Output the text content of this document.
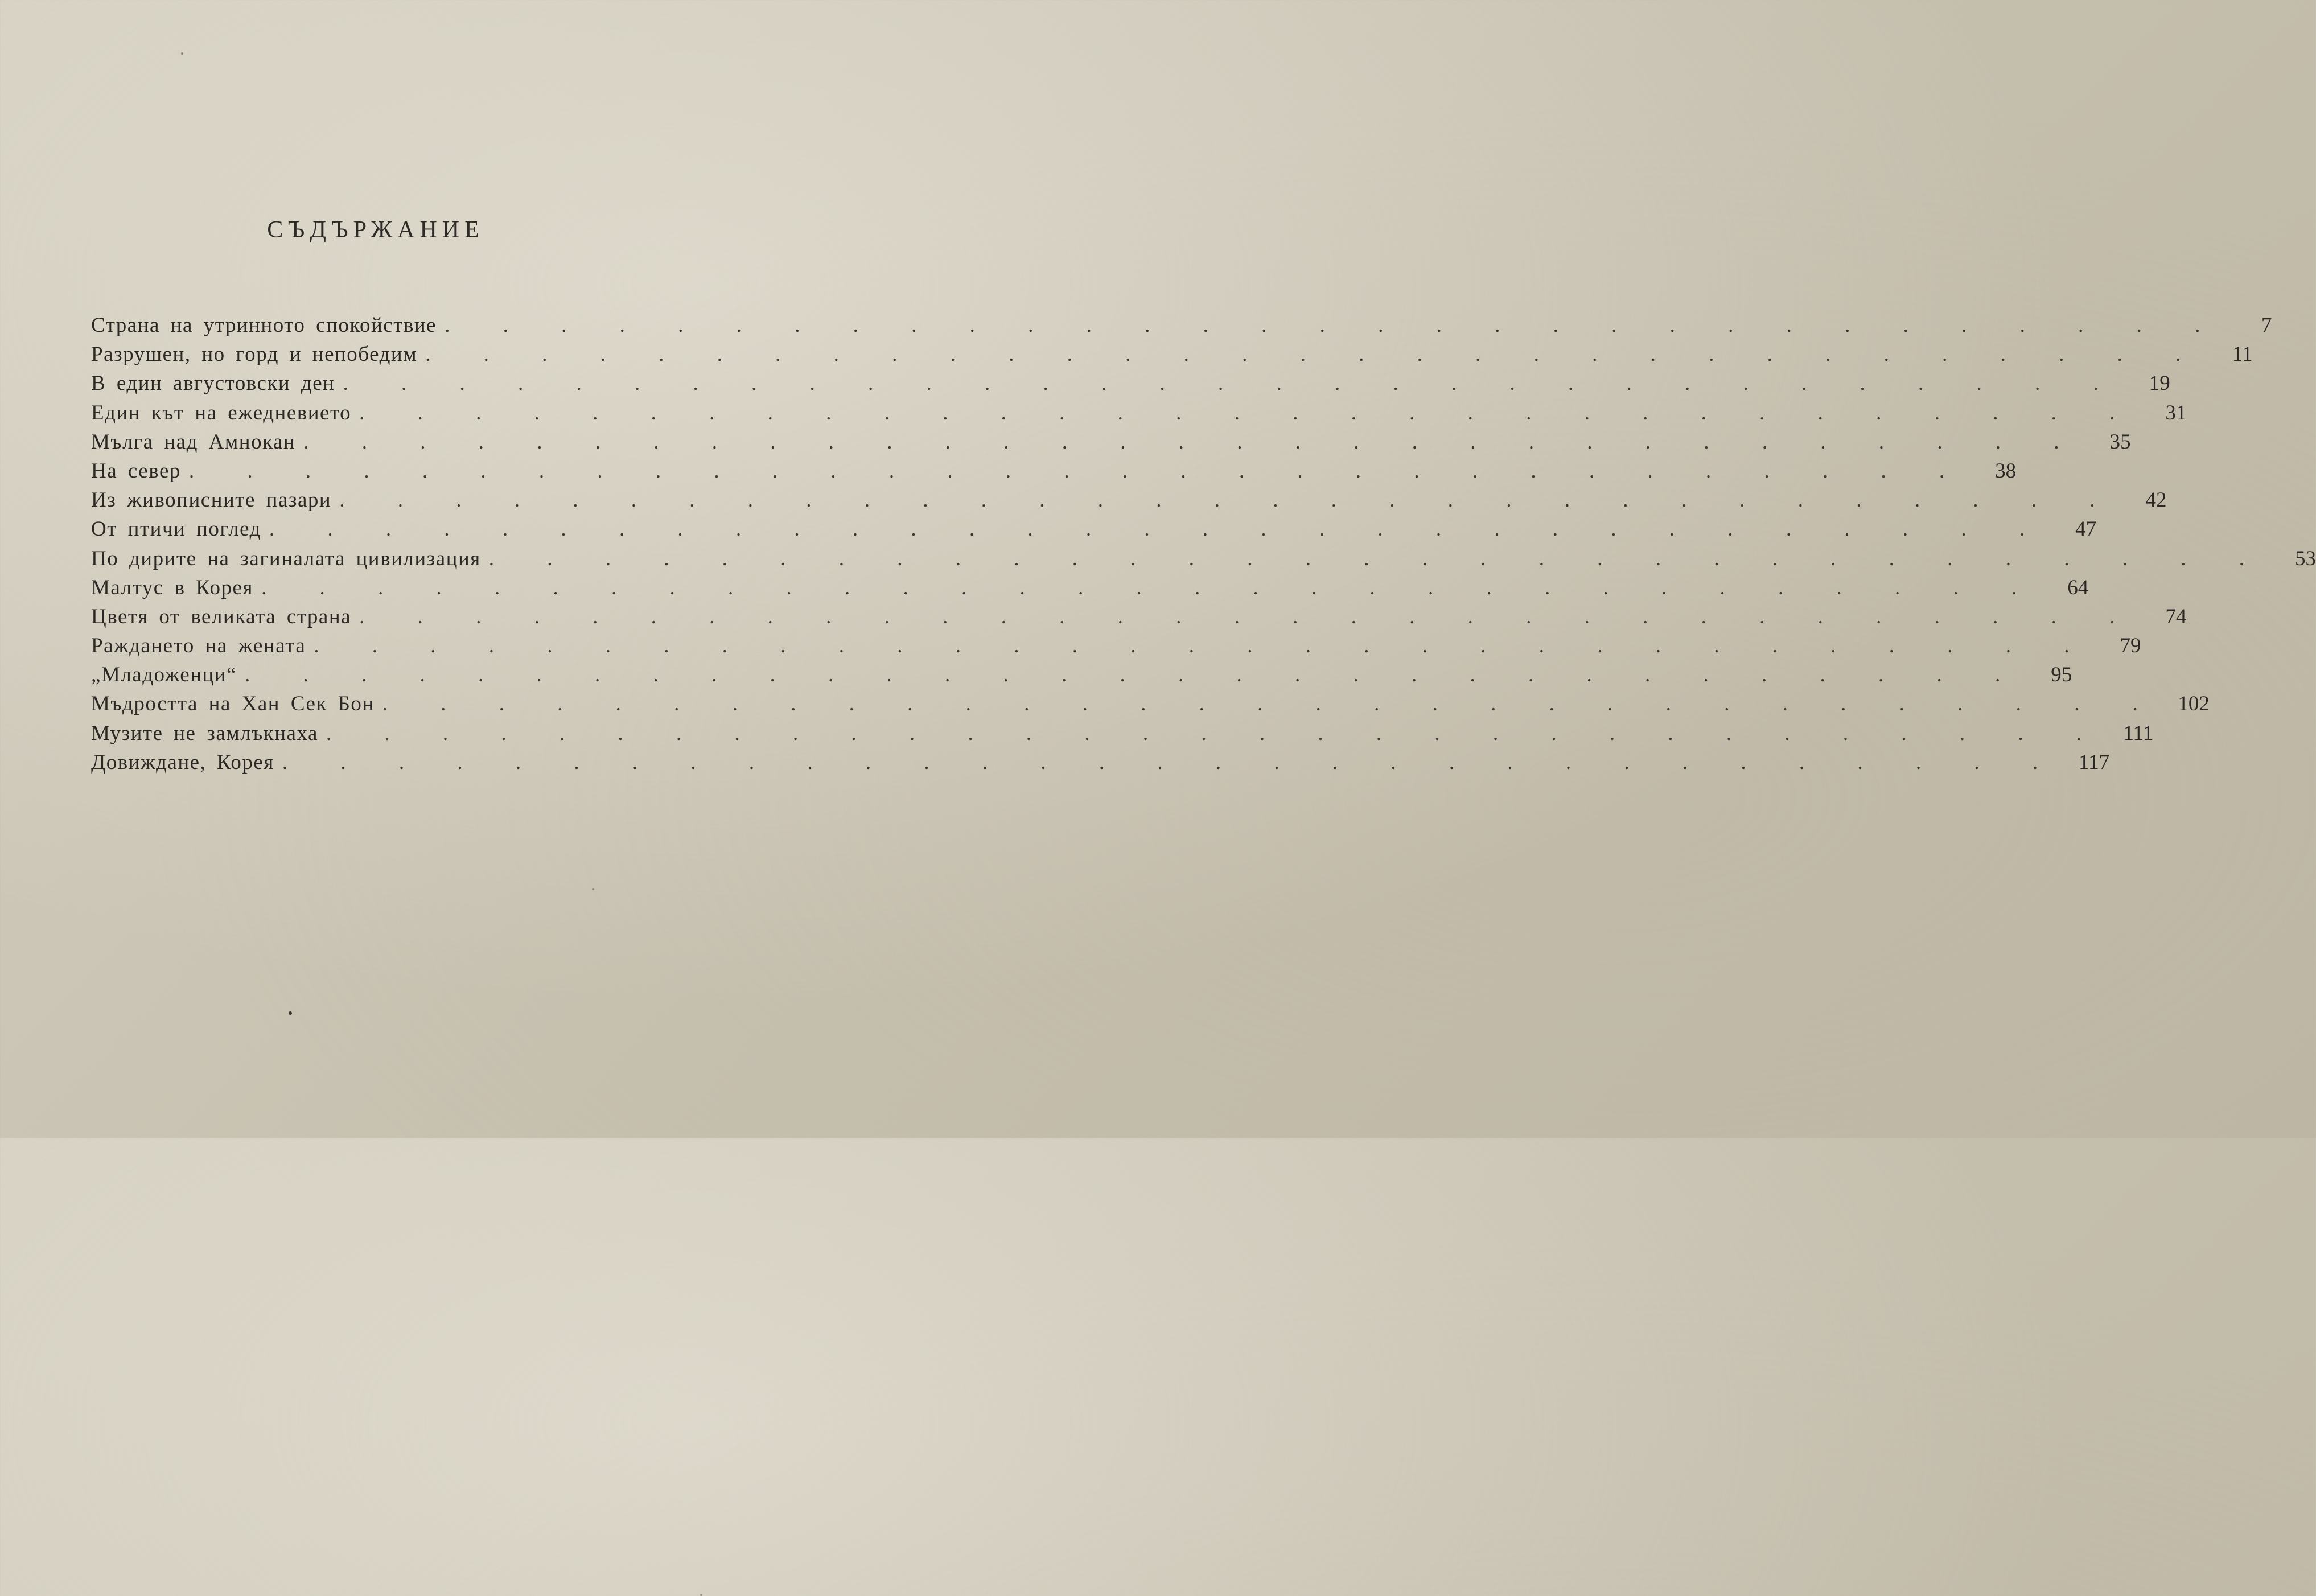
СЪДЪРЖАНИЕ
Страна на утринното спокойствие . . . . . . . . . . . . . . . . . . . . . . . . . . . . . . .	7
Разрушен, но горд и непобедим . . . . . . . . . . . . . . . . . . . . . . . . . . . . . . .	11
В един августовски ден . . . . . . . . . . . . . . . . . . . . . . . . . . . . . . .	19
Един кът на ежедневието . . . . . . . . . . . . . . . . . . . . . . . . . . . . . . .	31
Мълга над Амнокан . . . . . . . . . . . . . . . . . . . . . . . . . . . . . . .	35
На север . . . . . . . . . . . . . . . . . . . . . . . . . . . . . . .	38
Из живописните пазари . . . . . . . . . . . . . . . . . . . . . . . . . . . . . . .	42
От птичи поглед . . . . . . . . . . . . . . . . . . . . . . . . . . . . . . .	47
По дирите на загиналата цивилизация . . . . . . . . . . . . . . . . . . . . . . . . . . . . . . .	53
Малтус в Корея . . . . . . . . . . . . . . . . . . . . . . . . . . . . . . .	64
Цветя от великата страна . . . . . . . . . . . . . . . . . . . . . . . . . . . . . . .	74
Раждането на жената . . . . . . . . . . . . . . . . . . . . . . . . . . . . . . .	79
„Младоженци“ . . . . . . . . . . . . . . . . . . . . . . . . . . . . . . .	95
Мъдростта на Хан Сек Бон . . . . . . . . . . . . . . . . . . . . . . . . . . . . . . . 102
Музите не замлъкнаха . . . . . . . . . . . . . . . . . . . . . . . . . . . . . . . 111
Довиждане, Корея . . . . . . . . . . . . . . . . . . . . . . . . . . . . . . . 117
